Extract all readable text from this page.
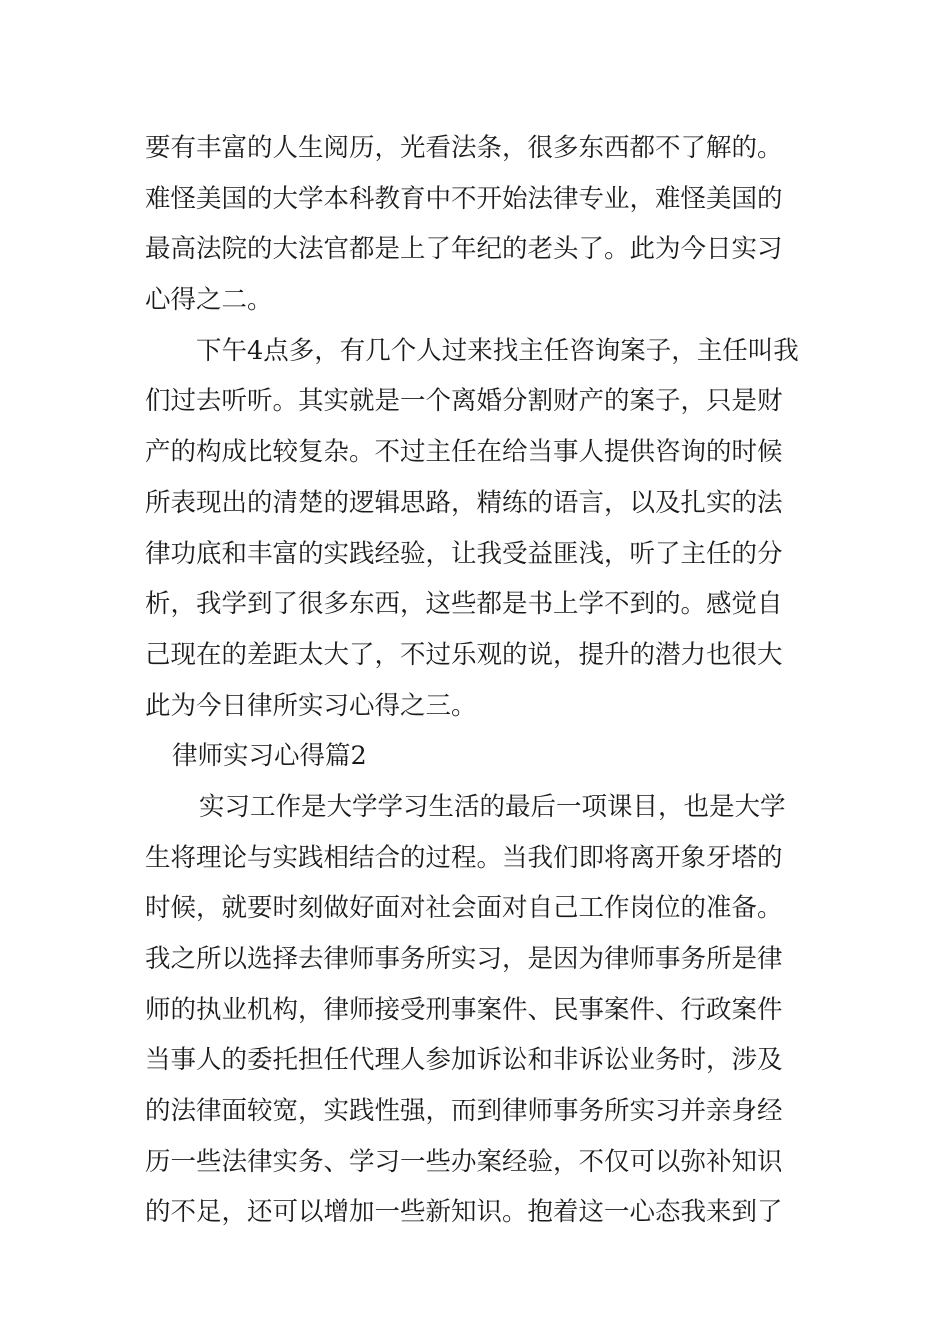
要有丰富的人生阅历，光看法条，很多东西都不了解的。
难怪美国的大学本科教育中不开始法律专业，难怪美国的
最高法院的大法官都是上了年纪的老头了。此为今日实习
心得之二。
下午4点多，有几个人过来找主任咨询案子，主任叫我
们过去听听。其实就是一个离婚分割财产的案子，只是财
产的构成比较复杂。不过主任在给当事人提供咨询的时候
所表现出的清楚的逻辑思路，精练的语言，以及扎实的法
律功底和丰富的实践经验，让我受益匪浅，听了主任的分
析，我学到了很多东西，这些都是书上学不到的。感觉自
己现在的差距太大了，不过乐观的说，提升的潜力也很大
此为今日律所实习心得之三。
律师实习心得篇2
实习工作是大学学习生活的最后一项课目，也是大学
生将理论与实践相结合的过程。当我们即将离开象牙塔的
时候，就要时刻做好面对社会面对自己工作岗位的准备。
我之所以选择去律师事务所实习，是因为律师事务所是律
师的执业机构，律师接受刑事案件、民事案件、行政案件
当事人的委托担任代理人参加诉讼和非诉讼业务时，涉及
的法律面较宽，实践性强，而到律师事务所实习并亲身经
历一些法律实务、学习一些办案经验，不仅可以弥补知识
的不足，还可以增加一些新知识。抱着这一心态我来到了
